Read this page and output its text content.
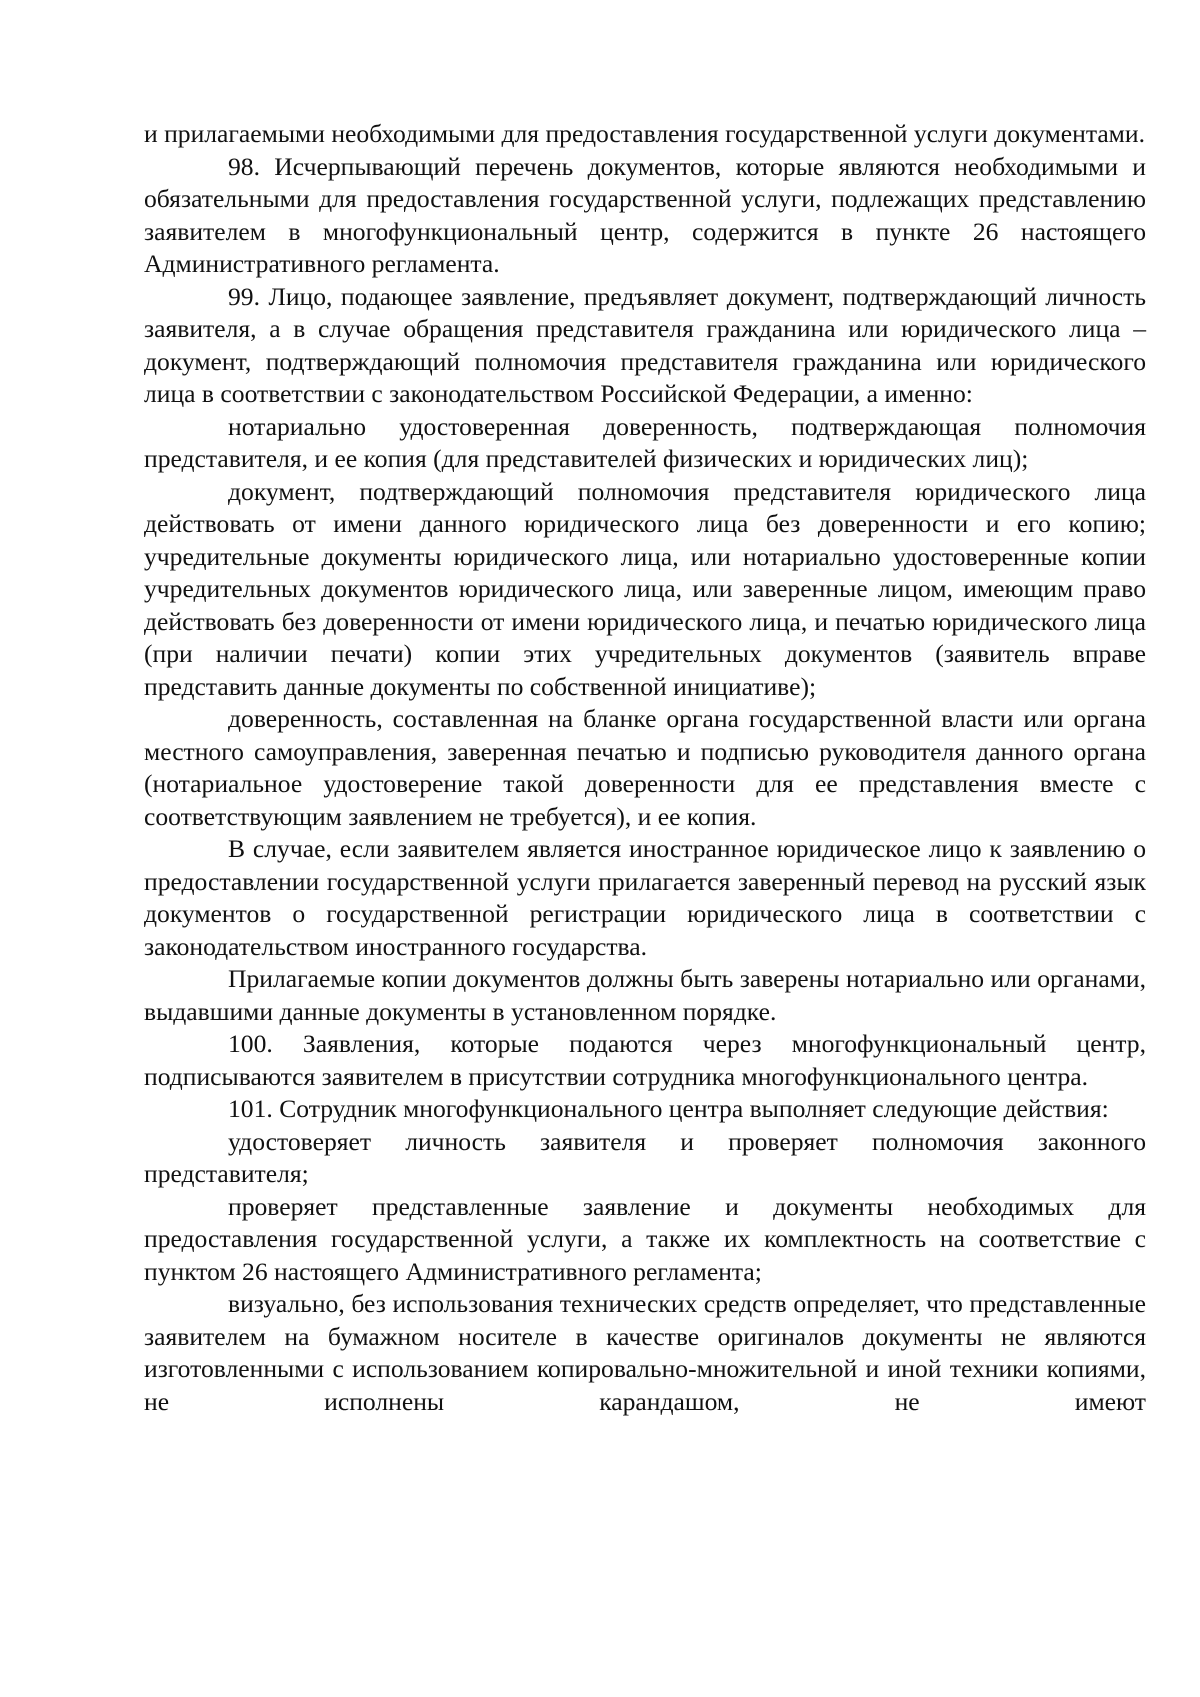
и прилагаемыми необходимыми для предоставления государственной услуги документами.

98. Исчерпывающий перечень документов, которые являются необходимыми и обязательными для предоставления государственной услуги, подлежащих представлению заявителем в многофункциональный центр, содержится в пункте 26 настоящего Административного регламента.

99. Лицо, подающее заявление, предъявляет документ, подтверждающий личность заявителя, а в случае обращения представителя гражданина или юридического лица – документ, подтверждающий полномочия представителя гражданина или юридического лица в соответствии с законодательством Российской Федерации, а именно:

нотариально удостоверенная доверенность, подтверждающая полномочия представителя, и ее копия (для представителей физических и юридических лиц);

документ, подтверждающий полномочия представителя юридического лица действовать от имени данного юридического лица без доверенности и его копию; учредительные документы юридического лица, или нотариально удостоверенные копии учредительных документов юридического лица, или заверенные лицом, имеющим право действовать без доверенности от имени юридического лица, и печатью юридического лица (при наличии печати) копии этих учредительных документов (заявитель вправе представить данные документы по собственной инициативе);

доверенность, составленная на бланке органа государственной власти или органа местного самоуправления, заверенная печатью и подписью руководителя данного органа (нотариальное удостоверение такой доверенности для ее представления вместе с соответствующим заявлением не требуется), и ее копия.

В случае, если заявителем является иностранное юридическое лицо к заявлению о предоставлении государственной услуги прилагается заверенный перевод на русский язык документов о государственной регистрации юридического лица в соответствии с законодательством иностранного государства.

Прилагаемые копии документов должны быть заверены нотариально или органами, выдавшими данные документы в установленном порядке.

100. Заявления, которые подаются через многофункциональный центр, подписываются заявителем в присутствии сотрудника многофункционального центра.

101. Сотрудник многофункционального центра выполняет следующие действия:

удостоверяет личность заявителя и проверяет полномочия законного представителя;

проверяет представленные заявление и документы необходимых для предоставления государственной услуги, а также их комплектность на соответствие с пунктом 26 настоящего Административного регламента;

визуально, без использования технических средств определяет, что представленные заявителем на бумажном носителе в качестве оригиналов документы не являются изготовленными с использованием копировально-множительной и иной техники копиями, не исполнены карандашом, не имеют
